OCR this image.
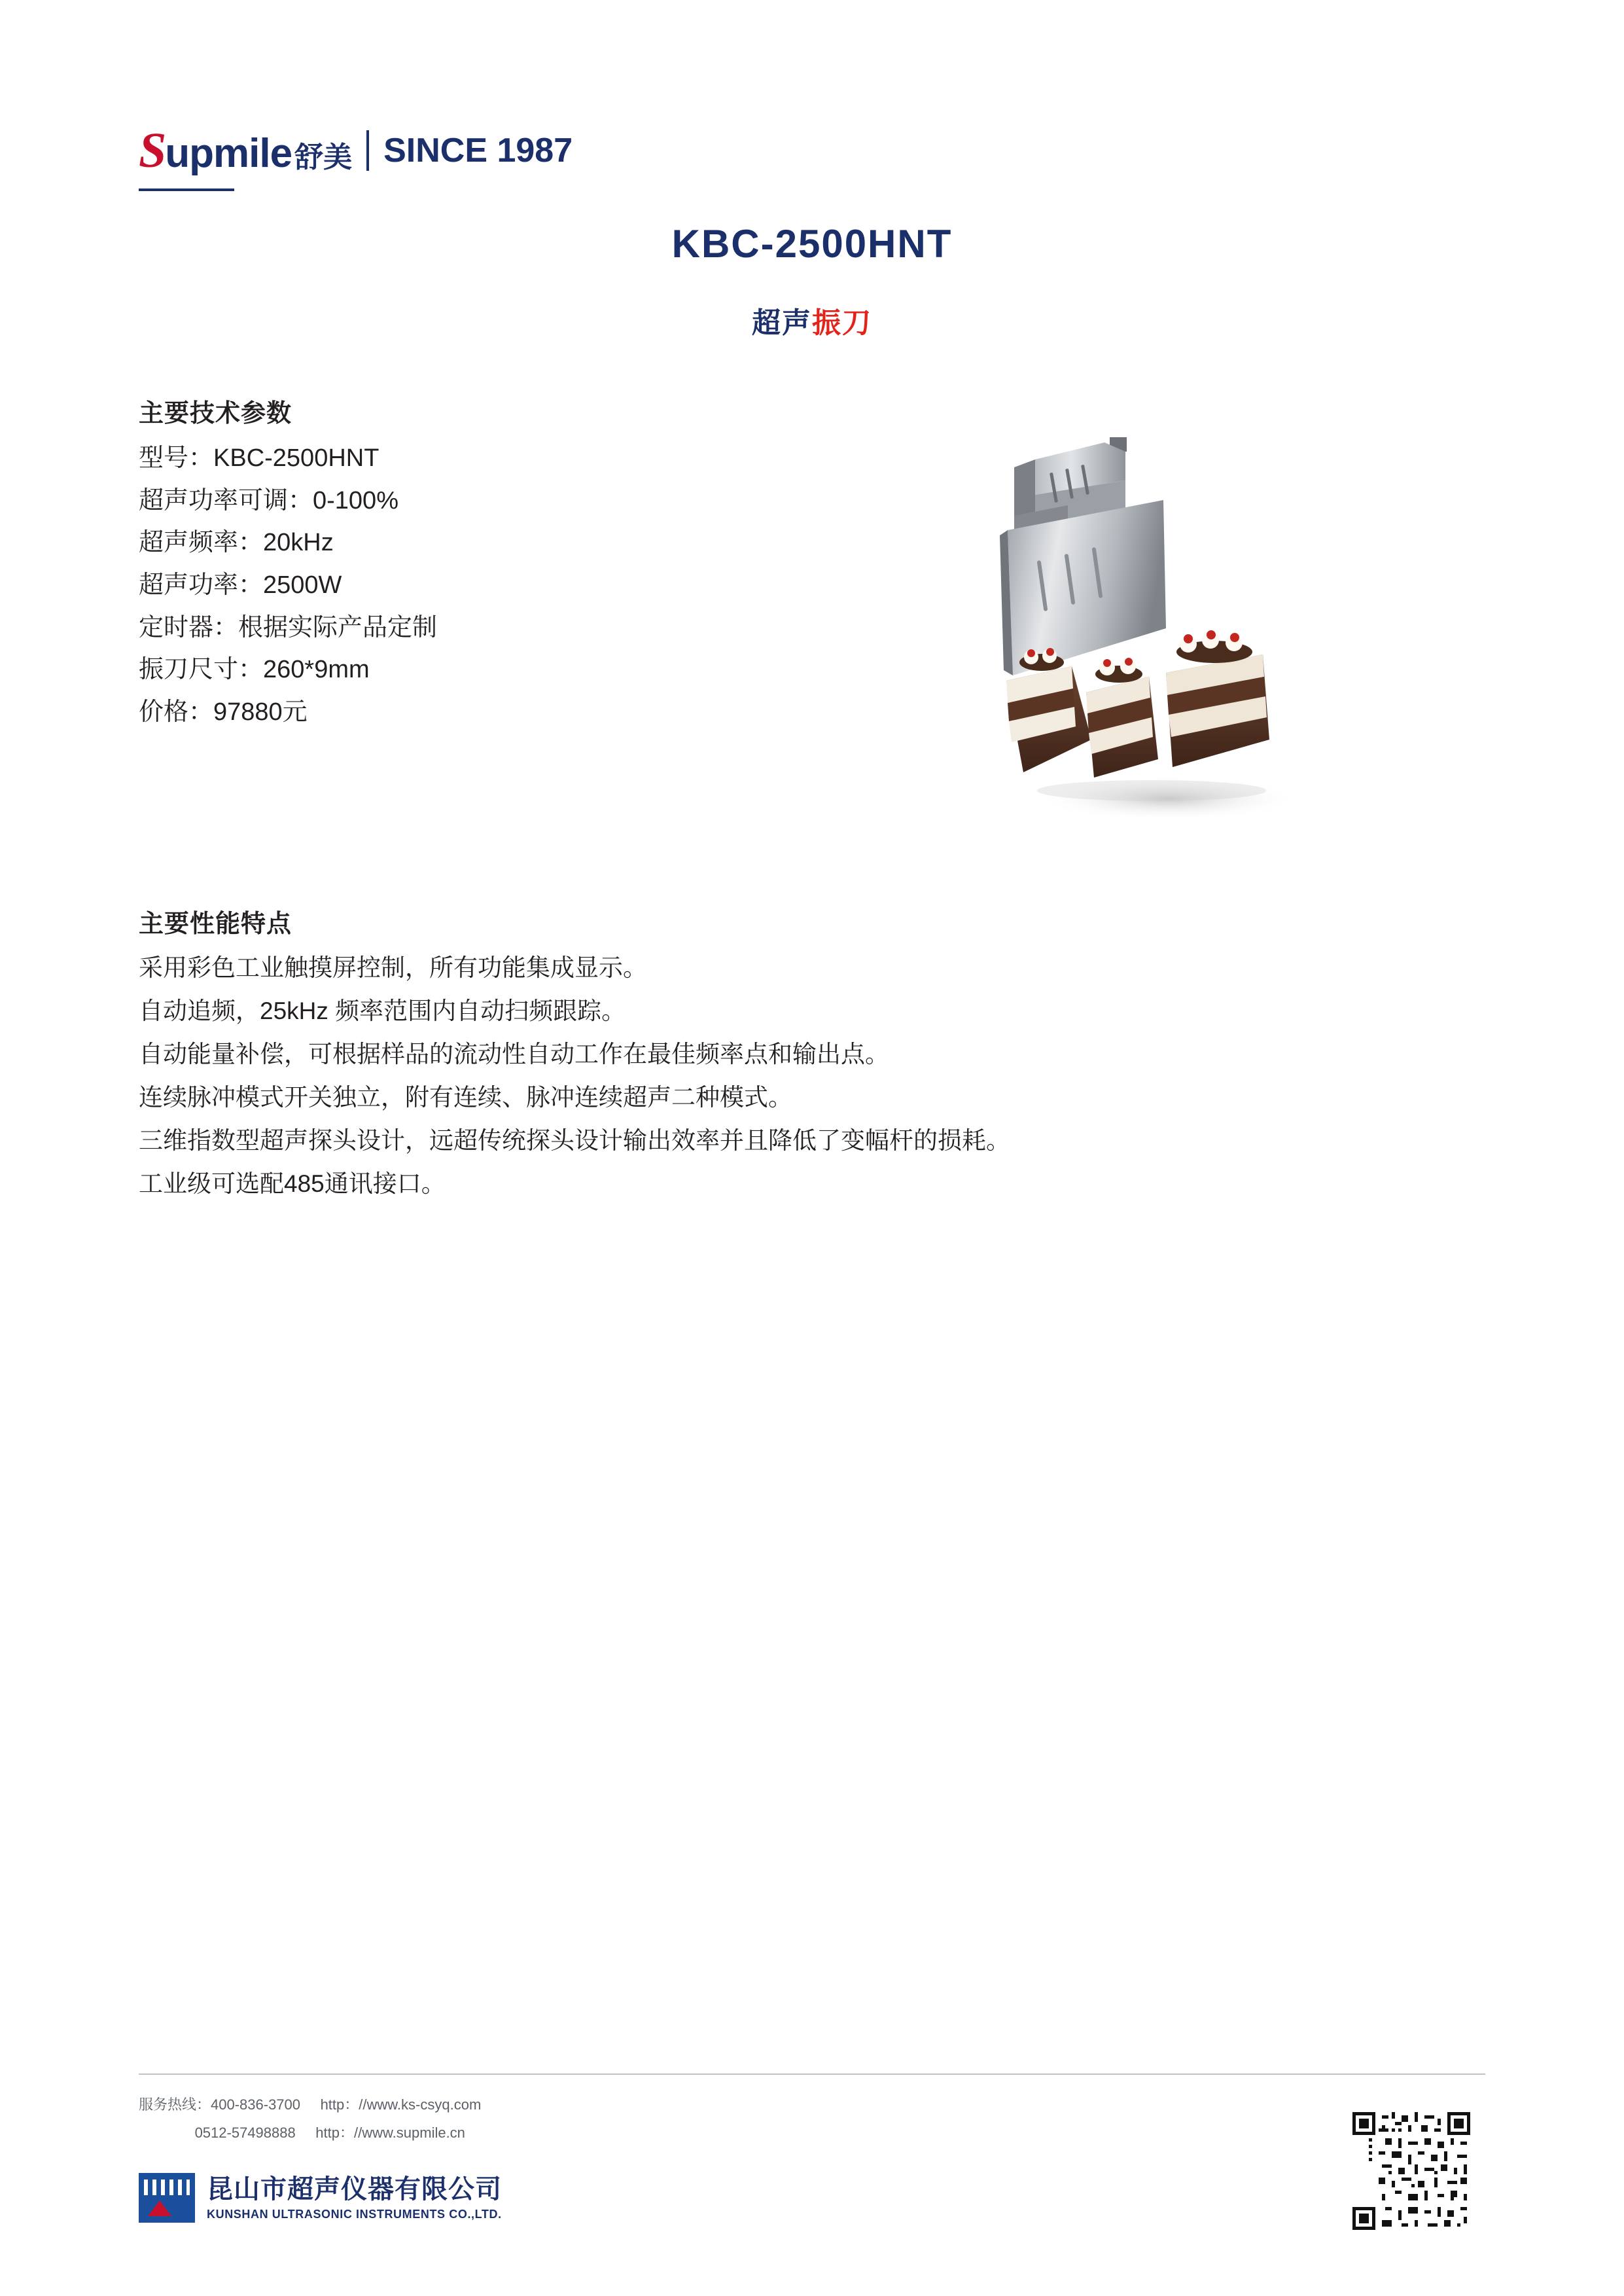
S upmile 舒美 SINCE 1987
KBC-2500HNT
超声振刀
主要技术参数
型号：KBC-2500HNT
超声功率可调：0-100%
超声频率：20kHz
超声功率：2500W
定时器：根据实际产品定制
振刀尺寸：260*9mm
价格：97880元
主要性能特点
采用彩色工业触摸屏控制，所有功能集成显示。
自动追频，25kHz 频率范围内自动扫频跟踪。
自动能量补偿，可根据样品的流动性自动工作在最佳频率点和输出点。
连续脉冲模式开关独立，附有连续、脉冲连续超声二种模式。
三维指数型超声探头设计，远超传统探头设计输出效率并且降低了变幅杆的损耗。
工业级可选配485通讯接口。
服务热线：400-836-3700     http：//www.ks-csyq.com
0512-57498888     http：//www.supmile.cn
昆山市超声仪器有限公司
KUNSHAN ULTRASONIC INSTRUMENTS CO.,LTD.
